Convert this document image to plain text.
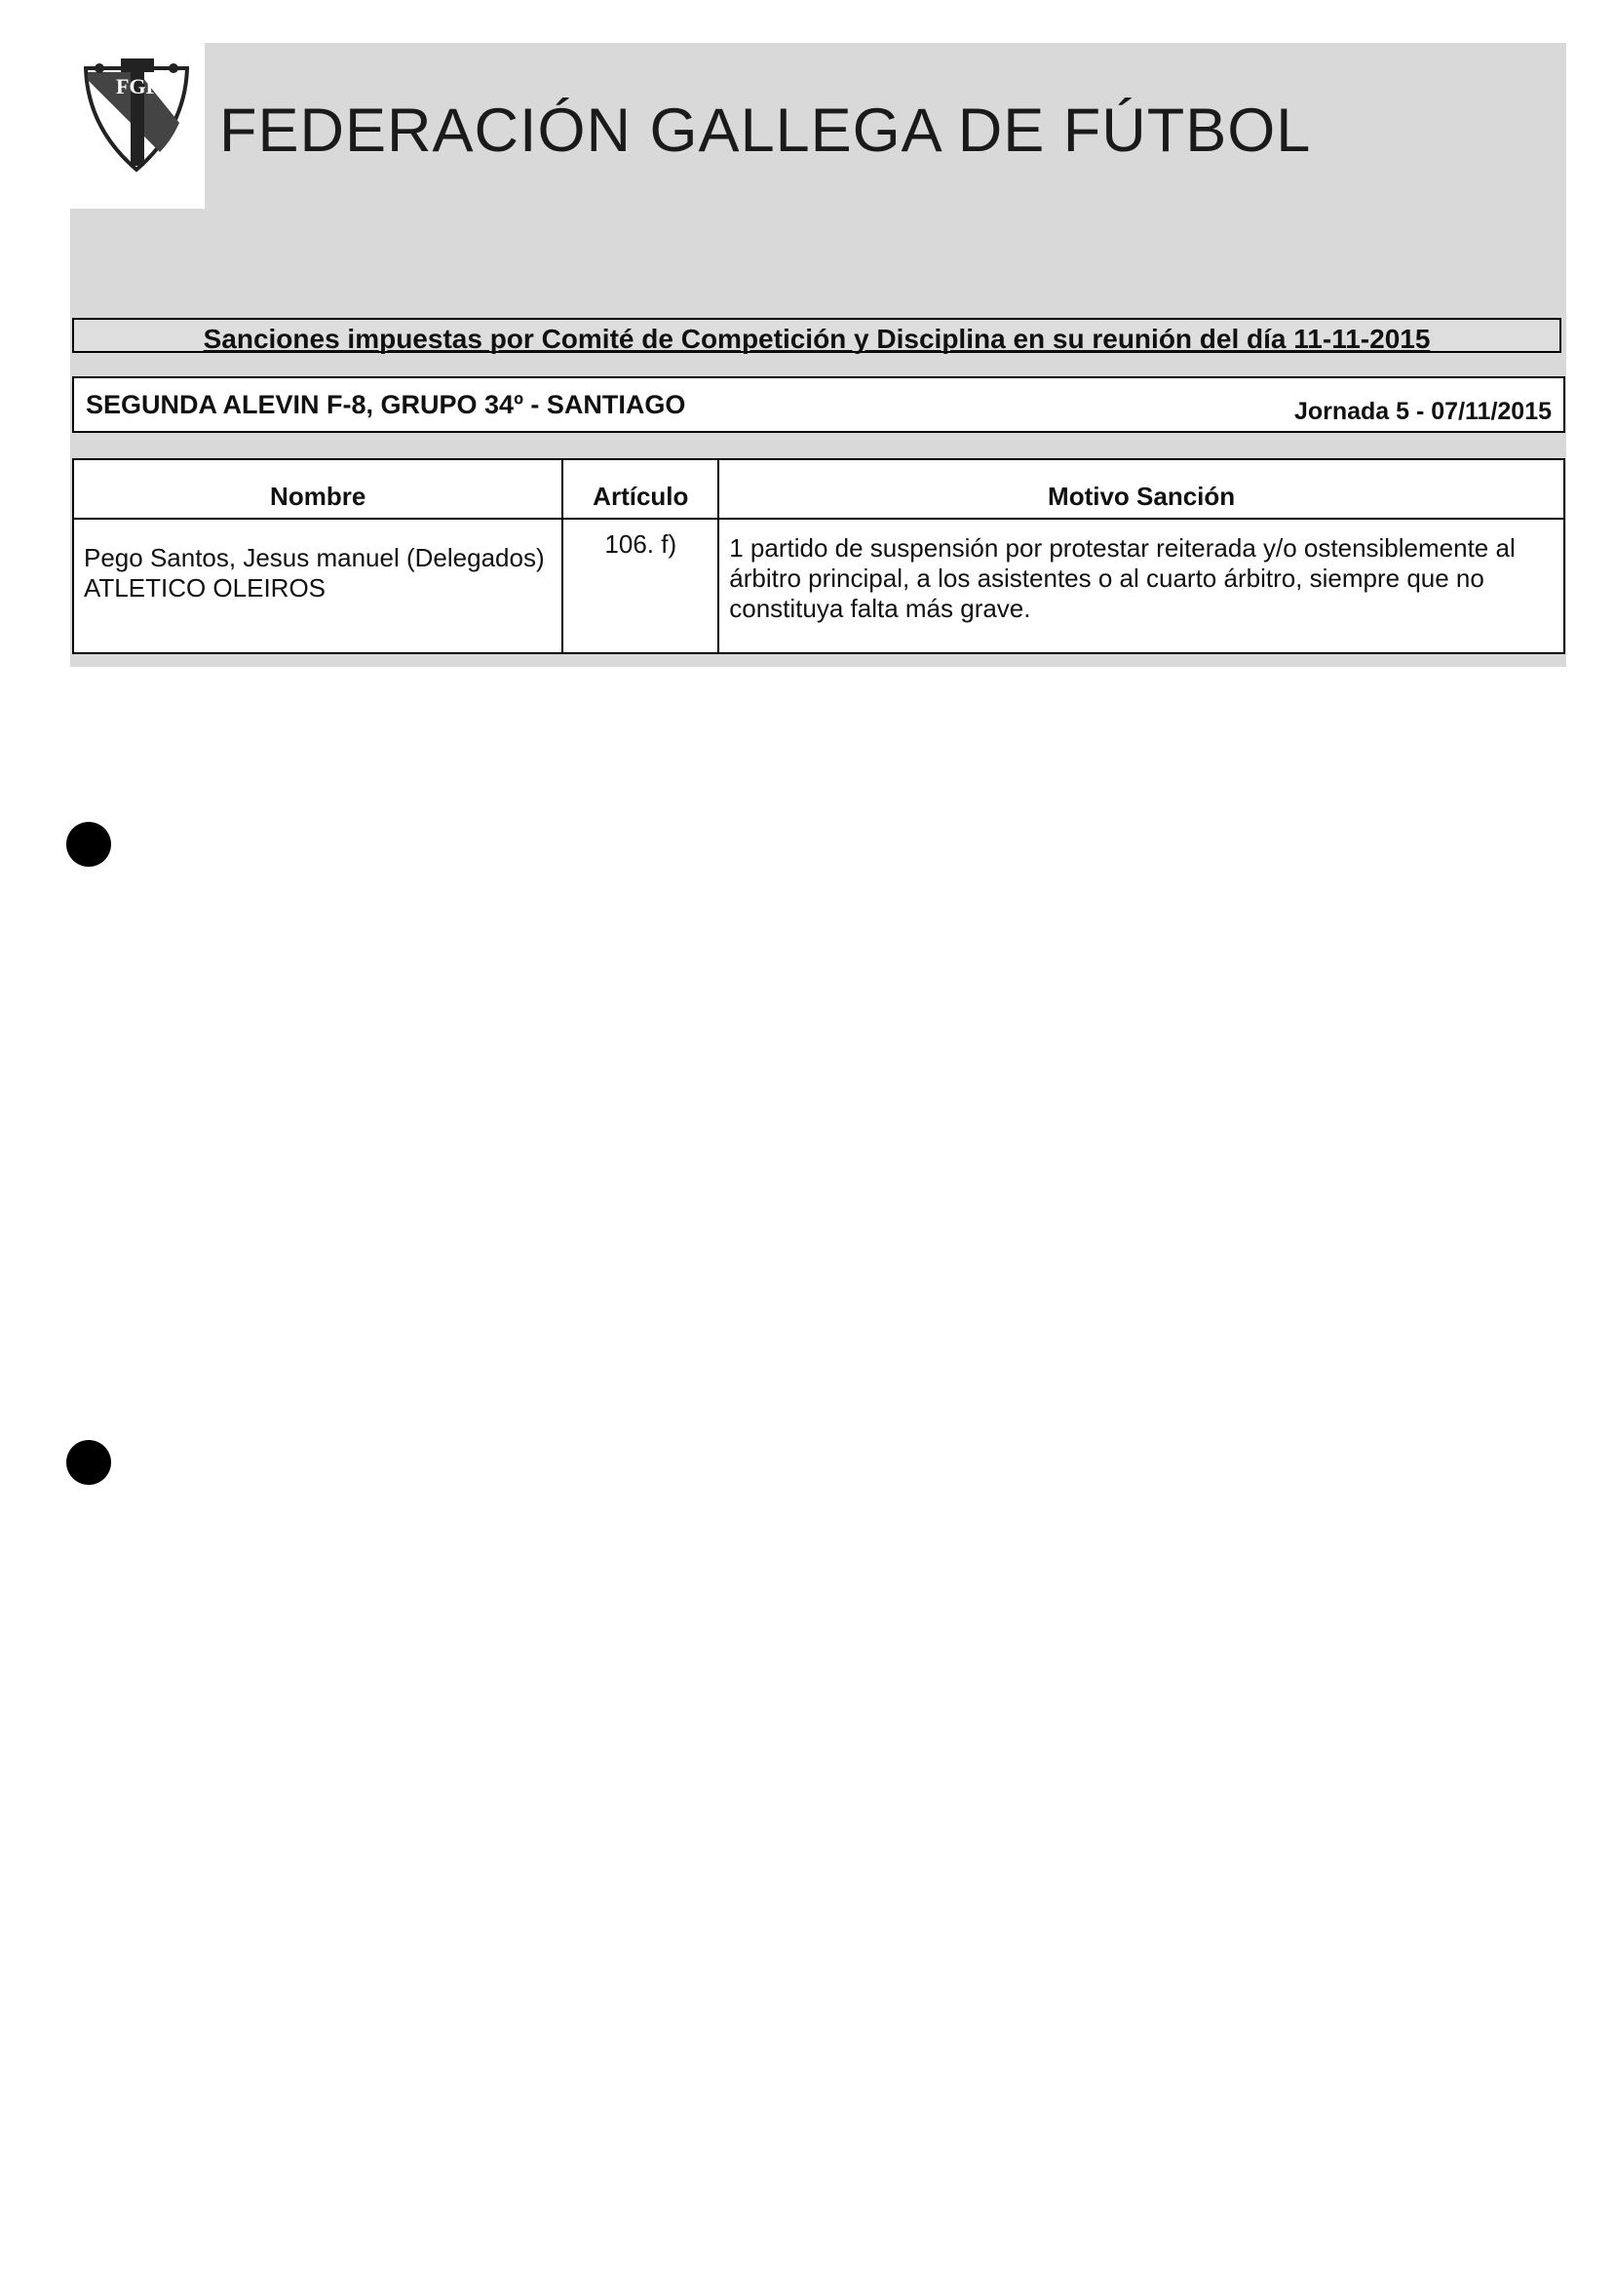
FGF
FEDERACIÓN GALLEGA DE FÚTBOL
Sanciones impuestas por Comité de Competición y Disciplina en su reunión del día 11-11-2015
SEGUNDA ALEVIN F-8, GRUPO 34º - SANTIAGO	Jornada 5 - 07/11/2015
Nombre	Artículo	Motivo Sanción

Pego Santos, Jesus manuel (Delegados)
ATLETICO OLEIROS	106. f)	1 partido de suspensión por protestar reiterada y/o ostensiblemente al árbitro principal, a los asistentes o al cuarto árbitro, siempre que no constituya falta más grave.
